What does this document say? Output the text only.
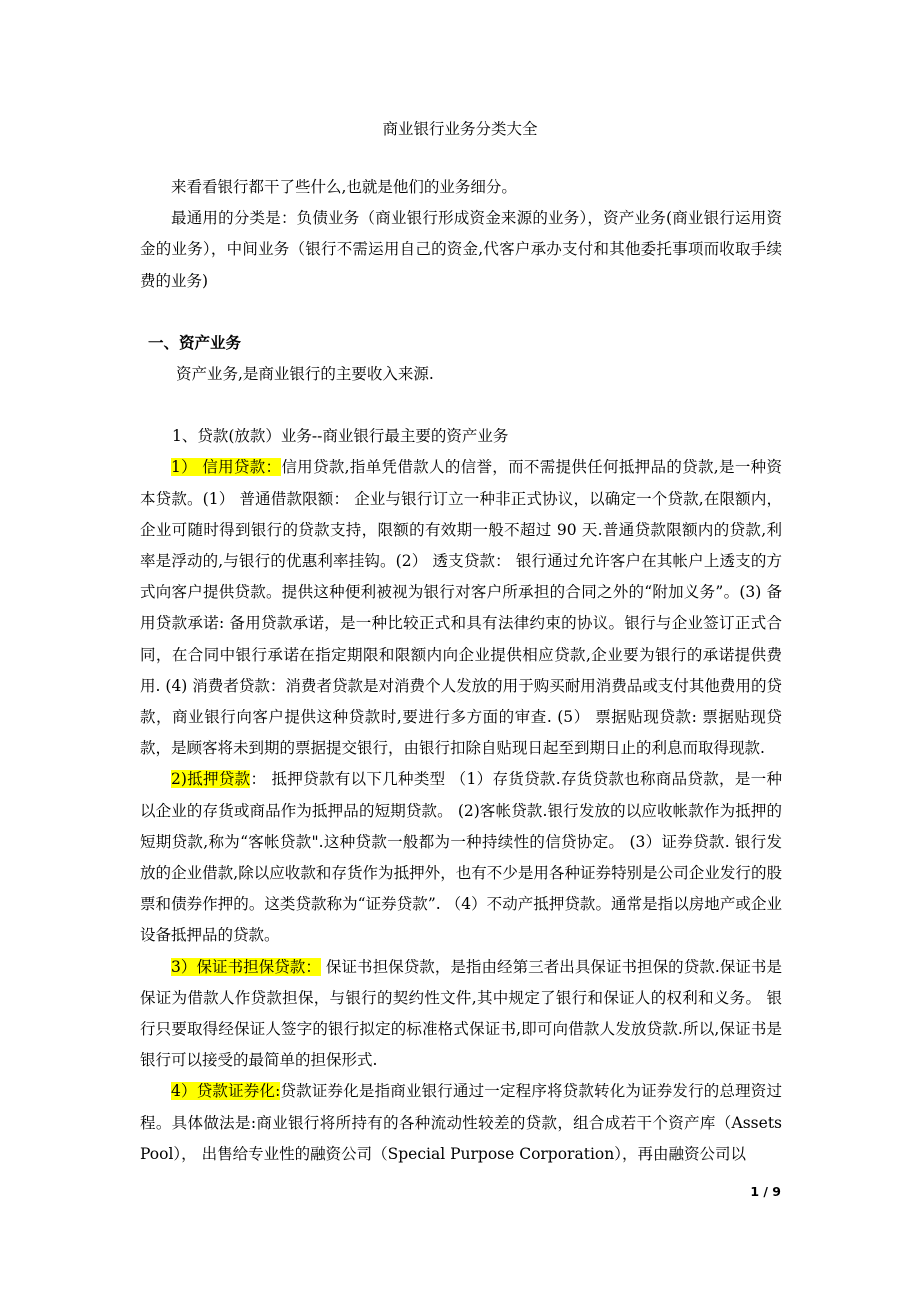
商业银行业务分类大全

来看看银行都干了些什么,也就是他们的业务细分。

最通用的分类是：负债业务（商业银行形成资金来源的业务），资产业务(商业银行运用资金的业务），中间业务（银行不需运用自己的资金,代客户承办支付和其他委托事项而收取手续费的业务)

一、资产业务

资产业务,是商业银行的主要收入来源.

1、贷款(放款）业务--商业银行最主要的资产业务

1） 信用贷款：信用贷款,指单凭借款人的信誉，而不需提供任何抵押品的贷款,是一种资本贷款。(1） 普通借款限额： 企业与银行订立一种非正式协议，以确定一个贷款,在限额内，企业可随时得到银行的贷款支持，限额的有效期一般不超过 90 天.普通贷款限额内的贷款,利率是浮动的,与银行的优惠利率挂钩。(2） 透支贷款： 银行通过允许客户在其帐户上透支的方式向客户提供贷款。提供这种便利被视为银行对客户所承担的合同之外的“附加义务”。(3) 备用贷款承诺: 备用贷款承诺，是一种比较正式和具有法律约束的协议。银行与企业签订正式合同，在合同中银行承诺在指定期限和限额内向企业提供相应贷款,企业要为银行的承诺提供费用. (4) 消费者贷款：消费者贷款是对消费个人发放的用于购买耐用消费品或支付其他费用的贷款，商业银行向客户提供这种贷款时,要进行多方面的审查. (5） 票据贴现贷款: 票据贴现贷款，是顾客将未到期的票据提交银行，由银行扣除自贴现日起至到期日止的利息而取得现款.

2)抵押贷款： 抵押贷款有以下几种类型 （1）存货贷款.存货贷款也称商品贷款，是一种以企业的存货或商品作为抵押品的短期贷款。 (2)客帐贷款.银行发放的以应收帐款作为抵押的短期贷款,称为“客帐贷款".这种贷款一般都为一种持续性的信贷协定。 (3）证券贷款. 银行发放的企业借款,除以应收款和存货作为抵押外，也有不少是用各种证券特别是公司企业发行的股票和债券作押的。这类贷款称为“证券贷款”. （4）不动产抵押贷款。通常是指以房地产或企业设备抵押品的贷款。

3）保证书担保贷款： 保证书担保贷款，是指由经第三者出具保证书担保的贷款.保证书是保证为借款人作贷款担保，与银行的契约性文件,其中规定了银行和保证人的权利和义务。 银行只要取得经保证人签字的银行拟定的标准格式保证书,即可向借款人发放贷款.所以,保证书是银行可以接受的最简单的担保形式.

4）贷款证券化:贷款证券化是指商业银行通过一定程序将贷款转化为证券发行的总理资过程。具体做法是:商业银行将所持有的各种流动性较差的贷款，组合成若干个资产库（Assets Pool）， 出售给专业性的融资公司（Special Purpose Corporation），再由融资公司以

1 / 9
